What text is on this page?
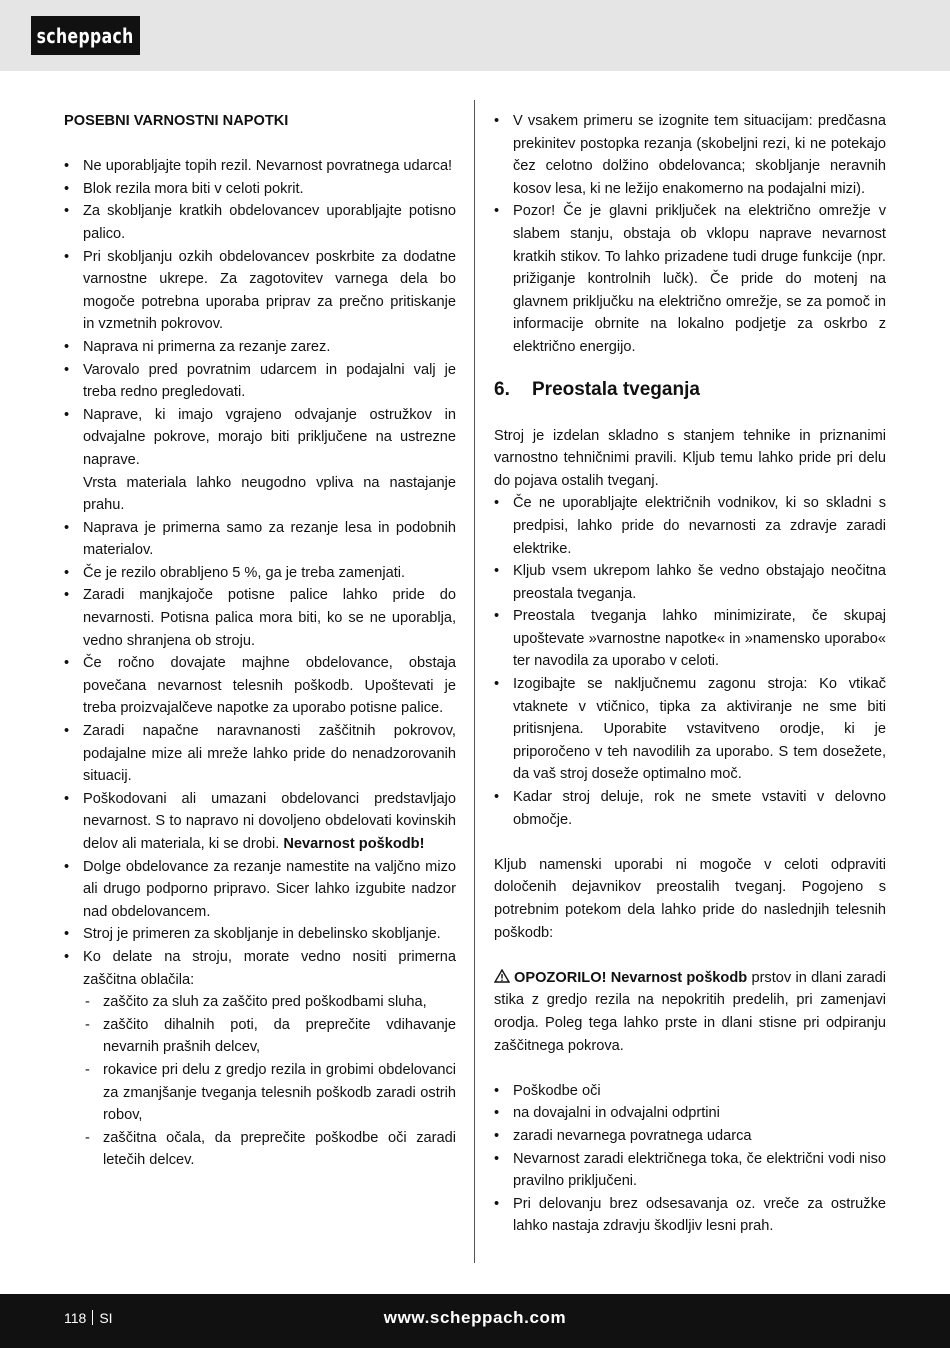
scheppach
POSEBNI VARNOSTNI NAPOTKI
• Ne uporabljajte topih rezil. Nevarnost povratnega udarca!
• Blok rezila mora biti v celoti pokrit.
• Za skobljanje kratkih obdelovancev uporabljajte potisno palico.
• Pri skobljanju ozkih obdelovancev poskrbite za dodatne varnostne ukrepe. Za zagotovitev varnega dela bo mogoče potrebna uporaba priprav za prečno pritiskanje in vzmetnih pokrovov.
• Naprava ni primerna za rezanje zarez.
• Varovalo pred povratnim udarcem in podajalni valj je treba redno pregledovati.
• Naprave, ki imajo vgrajeno odvajanje ostružkov in odvajalne pokrove, morajo biti priključene na ustrezne naprave.
Vrsta materiala lahko neugodno vpliva na nastajanje prahu.
• Naprava je primerna samo za rezanje lesa in podobnih materialov.
• Če je rezilo obrabljeno 5 %, ga je treba zamenjati.
• Zaradi manjkajoče potisne palice lahko pride do nevarnosti. Potisna palica mora biti, ko se ne uporablja, vedno shranjena ob stroju.
• Če ročno dovajate majhne obdelovance, obstaja povečana nevarnost telesnih poškodb. Upoštevati je treba proizvajalčeve napotke za uporabo potisne palice.
• Zaradi napačne naravnanosti zaščitnih pokrovov, podajalne mize ali mreže lahko pride do nenadzorovanih situacij.
• Poškodovani ali umazani obdelovanci predstavljajo nevarnost. S to napravo ni dovoljeno obdelovati kovinskih delov ali materiala, ki se drobi. Nevarnost poškodb!
• Dolge obdelovance za rezanje namestite na valjčno mizo ali drugo podporno pripravo. Sicer lahko izgubite nadzor nad obdelovancem.
• Stroj je primeren za skobljanje in debelinsko skobljanje.
• Ko delate na stroju, morate vedno nositi primerna zaščitna oblačila:
- zaščito za sluh za zaščito pred poškodbami sluha,
- zaščito dihalnih poti, da preprečite vdihavanje nevarnih prašnih delcev,
- rokavice pri delu z gredjo rezila in grobimi obdelovanci za zmanjšanje tveganja telesnih poškodb zaradi ostrih robov,
- zaščitna očala, da preprečite poškodbe oči zaradi letečih delcev.
• V vsakem primeru se izognite tem situacijam: predčasna prekinitev postopka rezanja (skobeljni rezi, ki ne potekajo čez celotno dolžino obdelovanca; skobljanje neravnih kosov lesa, ki ne ležijo enakomerno na podajalni mizi).
• Pozor! Če je glavni priključek na električno omrežje v slabem stanju, obstaja ob vklopu naprave nevarnost kratkih stikov. To lahko prizadene tudi druge funkcije (npr. prižiganje kontrolnih lučk). Če pride do motenj na glavnem priključku na električno omrežje, se za pomoč in informacije obrnite na lokalno podjetje za oskrbo z električno energijo.
6.	Preostala tveganja

Stroj je izdelan skladno s stanjem tehnike in priznanimi varnostno tehničnimi pravili. Kljub temu lahko pride pri delu do pojava ostalih tveganj.

• Če ne uporabljajte električnih vodnikov, ki so skladni s predpisi, lahko pride do nevarnosti za zdravje zaradi elektrike.
• Kljub vsem ukrepom lahko še vedno obstajajo neočitna preostala tveganja.
• Preostala tveganja lahko minimizirate, če skupaj upoštevate »varnostne napotke« in »namensko uporabo« ter navodila za uporabo v celoti.
• Izogibajte se naključnemu zagonu stroja: Ko vtikač vtaknete v vtičnico, tipka za aktiviranje ne sme biti pritisnjena. Uporabite vstavitveno orodje, ki je priporočeno v teh navodilih za uporabo. S tem dosežete, da vaš stroj doseže optimalno moč.
• Kadar stroj deluje, rok ne smete vstaviti v delovno območje.

Kljub namenski uporabi ni mogoče v celoti odpraviti določenih dejavnikov preostalih tveganj. Pogojeno s potrebnim potekom dela lahko pride do naslednjih telesnih poškodb:

OPOZORILO! Nevarnost poškodb prstov in dlani zaradi stika z gredjo rezila na nepokritih predelih, pri zamenjavi orodja. Poleg tega lahko prste in dlani stisne pri odpiranju zaščitnega pokrova.

• Poškodbe oči
• na dovajalni in odvajalni odprtini
• zaradi nevarnega povratnega udarca
• Nevarnost zaradi električnega toka, če električni vodi niso pravilno priključeni.
• Pri delovanju brez odsesavanja oz. vreče za ostružke lahko nastaja zdravju škodljiv lesni prah.
118 SI	www.scheppach.com
